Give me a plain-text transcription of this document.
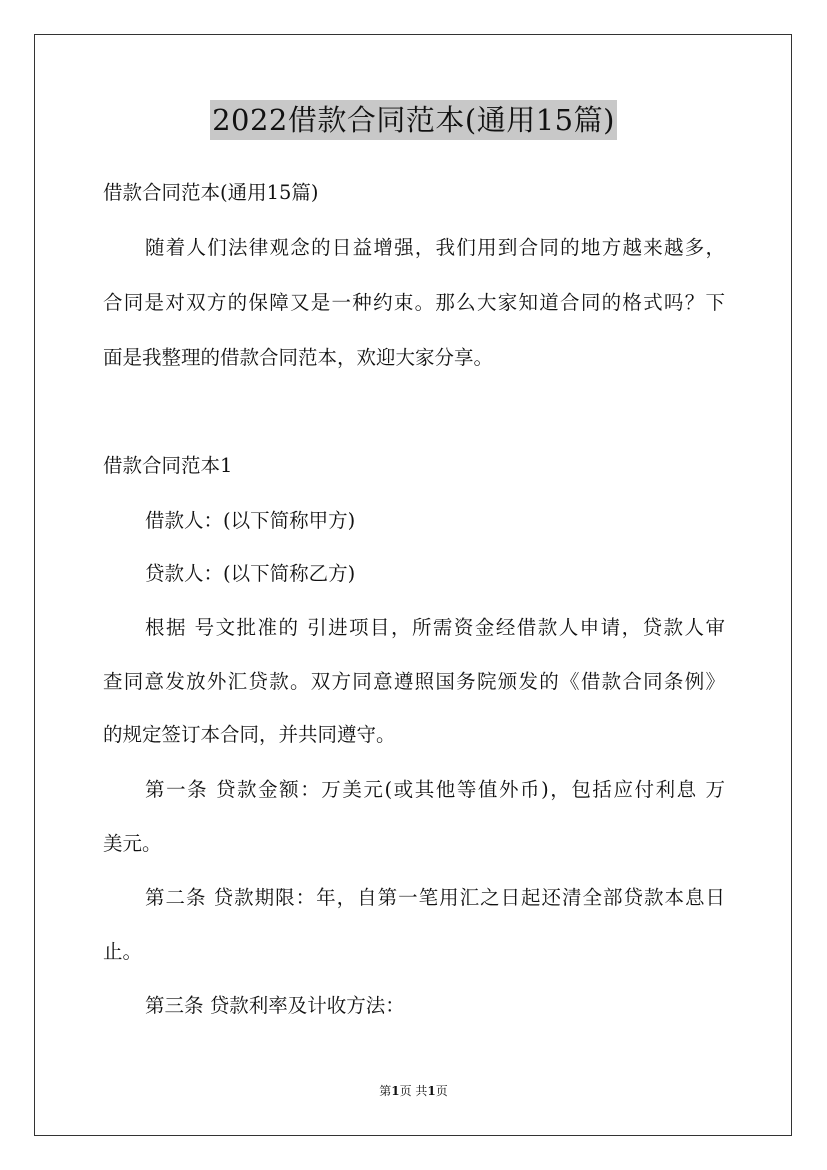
2022借款合同范本(通用15篇)
借款合同范本(通用15篇)
随着人们法律观念的日益增强，我们用到合同的地方越来越多，
合同是对双方的保障又是一种约束。那么大家知道合同的格式吗？下
面是我整理的借款合同范本，欢迎大家分享。
借款合同范本1
借款人：(以下简称甲方)
贷款人：(以下简称乙方)
根据 号文批准的 引进项目，所需资金经借款人申请，贷款人审
查同意发放外汇贷款。双方同意遵照国务院颁发的《借款合同条例》
的规定签订本合同，并共同遵守。
第一条 贷款金额：万美元(或其他等值外币)，包括应付利息 万
美元。
第二条 贷款期限：年，自第一笔用汇之日起还清全部贷款本息日
止。
第三条 贷款利率及计收方法：
第1页 共1页
